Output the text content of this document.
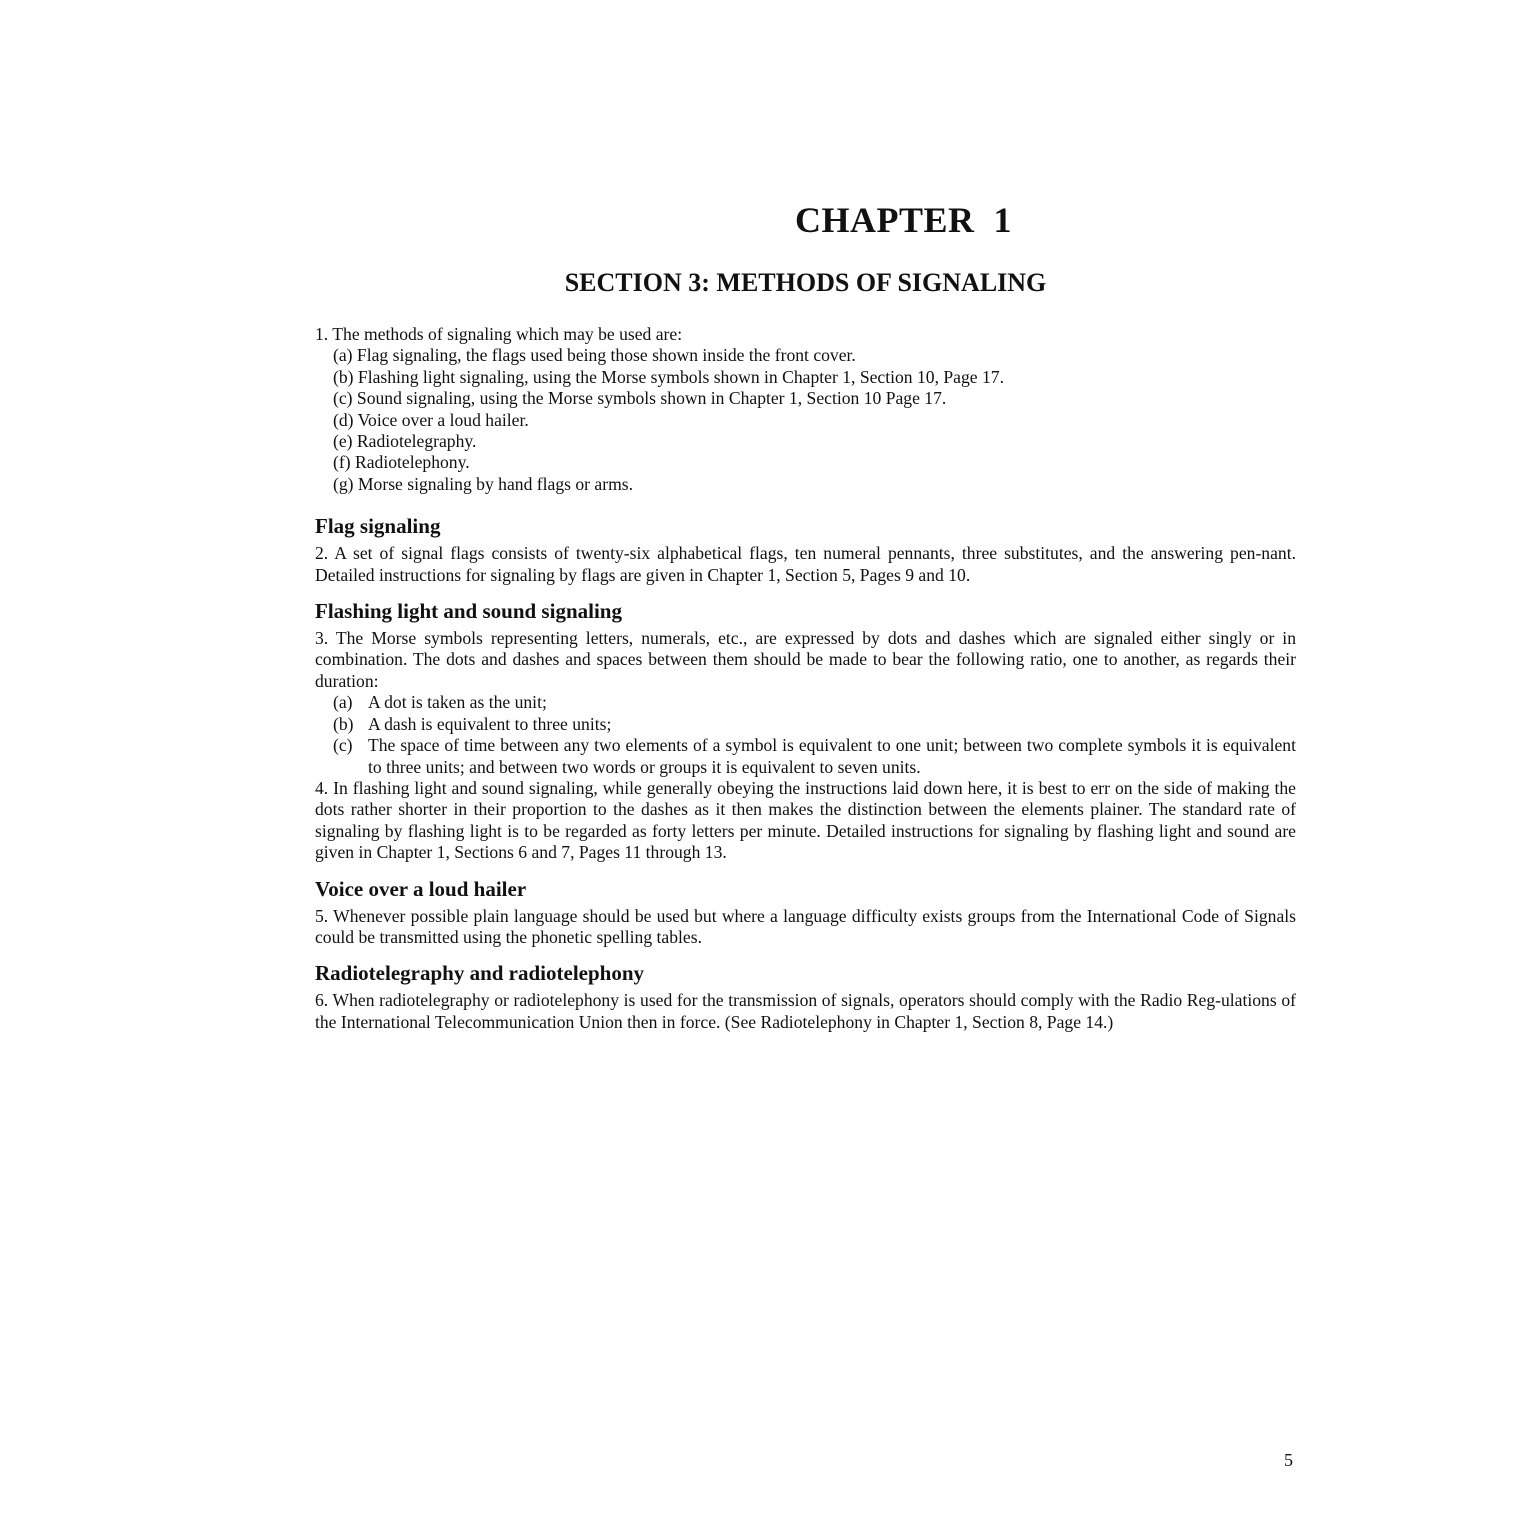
CHAPTER  1
SECTION 3: METHODS OF SIGNALING

1. The methods of signaling which may be used are:

(a) Flag signaling, the flags used being those shown inside the front cover.
(b) Flashing light signaling, using the Morse symbols shown in Chapter 1, Section 10, Page 17.
(c) Sound signaling, using the Morse symbols shown in Chapter 1, Section 10 Page 17.
(d) Voice over a loud hailer.
(e) Radiotelegraphy.
(f) Radiotelephony.
(g) Morse signaling by hand flags or arms.
Flag signaling

2. A set of signal flags consists of twenty-six alphabetical flags, ten numeral pennants, three substitutes, and the answering pen-nant. Detailed instructions for signaling by flags are given in Chapter 1, Section 5, Pages 9 and 10.

Flashing light and sound signaling

3. The Morse symbols representing letters, numerals, etc., are expressed by dots and dashes which are signaled either singly or in combination. The dots and dashes and spaces between them should be made to bear the following ratio, one to another, as regards their duration:

(a) A dot is taken as the unit;
(b) A dash is equivalent to three units;
(c) The space of time between any two elements of a symbol is equivalent to one unit; between two complete symbols it is equivalent to three units; and between two words or groups it is equivalent to seven units.

4. In flashing light and sound signaling, while generally obeying the instructions laid down here, it is best to err on the side of making the dots rather shorter in their proportion to the dashes as it then makes the distinction between the elements plainer. The standard rate of signaling by flashing light is to be regarded as forty letters per minute. Detailed instructions for signaling by flashing light and sound are given in Chapter 1, Sections 6 and 7, Pages 11 through 13.

Voice over a loud hailer

5. Whenever possible plain language should be used but where a language difficulty exists groups from the International Code of Signals could be transmitted using the phonetic spelling tables.

Radiotelegraphy and radiotelephony

6. When radiotelegraphy or radiotelephony is used for the transmission of signals, operators should comply with the Radio Reg-ulations of the International Telecommunication Union then in force. (See Radiotelephony in Chapter 1, Section 8, Page 14.)

5
